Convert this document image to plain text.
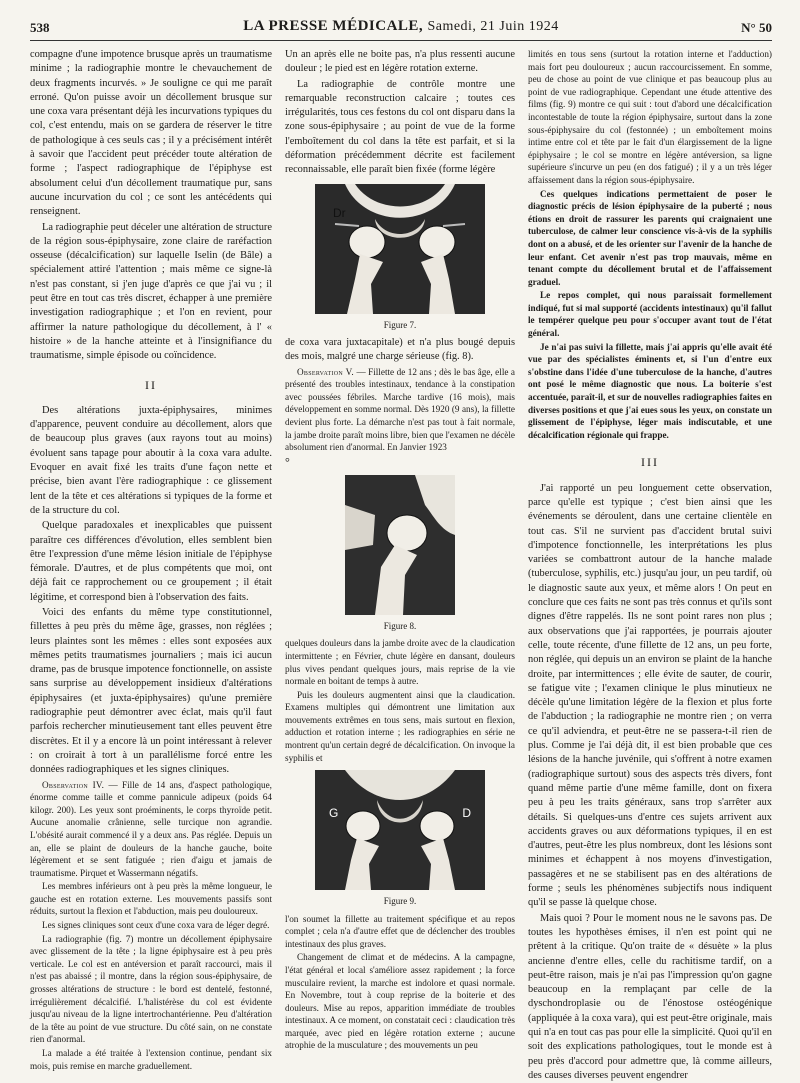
538	LA PRESSE MÉDICALE, Samedi, 21 Juin 1924	N° 50

compagne d'une impotence brusque après un traumatisme minime ; la radiographie montre le chevauchement de deux fragments incurvés. » Je souligne ce qui me paraît erroné. Qu'on puisse avoir un décollement brusque sur une coxa vara présentant déjà les incurvations typiques du col, c'est entendu, mais on se gardera de réserver le titre de pathologique à ces seuls cas ; il y a précisément intérêt à savoir que l'accident peut précéder toute altération de forme ; l'aspect radiographique de l'épiphyse est absolument celui d'un décollement traumatique pur, sans aucune incurvation du col ; ce sont les antécédents qui renseignent.

La radiographie peut déceler une altération de structure de la région sous-épiphysaire, zone claire de raréfaction osseuse (décalcification) sur laquelle Iselin (de Bâle) a spécialement attiré l'attention ; mais même ce signe-là n'est pas constant, si j'en juge d'après ce que j'ai vu ; il peut être en tout cas très discret, échapper à une première investigation radiographique ; et l'on en revient, pour affirmer la nature pathologique du décollement, à l' « histoire » de la hanche atteinte et à l'insignifiance du traumatisme, simple épisode ou coïncidence.

II

Des altérations juxta-épiphysaires, minimes d'apparence, peuvent conduire au décollement, alors que de beaucoup plus graves (aux rayons tout au moins) évoluent sans tapage pour aboutir à la coxa vara adulte. Evoquer en avait fixé les traits d'une façon nette et précise, bien avant l'ère radiographique : ce glissement lent de la tête et ces altérations si typiques de la forme et de la structure du col.

Quelque paradoxales et inexplicables que puissent paraître ces différences d'évolution, elles semblent bien être l'expression d'une même lésion initiale de l'épiphyse fémorale. D'autres, et de plus compétents que moi, ont déjà fait ce rapprochement ou ce groupement ; il était légitime, et correspond bien à l'observation des faits.

Voici des enfants du même type constitutionnel, fillettes à peu près du même âge, grasses, non réglées ; leurs plaintes sont les mêmes : elles sont exposées aux mêmes petits traumatismes journaliers ; mais ici aucun drame, pas de brusque impotence fonctionnelle, on assiste sans surprise au développement insidieux d'altérations épiphysaires (et juxta-épiphysaires) qu'une première radiographie peut démontrer avec éclat, mais qu'il faut parfois rechercher minutieusement tant elles peuvent être discrètes. Et il y a encore là un point intéressant à relever : on croirait à tort à un parallélisme forcé entre les données radiographiques et les signes cliniques.

Observation IV. — Fille de 14 ans, d'aspect pathologique, énorme comme taille et comme pannicule adipeux (poids 64 kilogr. 200). Les yeux sont proéminents, le corps thyroïde petit. Aucune anomalie crânienne, selle turcique non agrandie. L'obésité aurait commencé il y a deux ans. Pas réglée. Depuis un an, elle se plaint de douleurs de la hanche gauche, boite légèrement et se sent fatiguée ; rien d'aigu et jamais de traumatisme. Pirquet et Wassermann négatifs.

Les membres inférieurs ont à peu près la même longueur, le gauche est en rotation externe. Les mouvements passifs sont réduits, surtout la flexion et l'abduction, mais peu douloureux.

Les signes cliniques sont ceux d'une coxa vara de léger degré.

La radiographie (fig. 7) montre un décollement épiphysaire avec glissement de la tête ; la ligne épiphysaire est à peu près verticale. Le col est en antéversion et paraît raccourci, mais il n'est pas abaissé ; il montre, dans la région sous-épiphysaire, de grosses altérations de structure : le bord est dentelé, festonné, irrégulièrement décalcifié. L'halistérèse du col est évidente jusqu'au niveau de la ligne intertrochantérienne. Peu d'altération de la tête au point de vue structure. Du côté sain, on ne constate rien d'anormal.

La malade a été traitée à l'extension continue, pendant six mois, puis remise en marche graduellement.

Un an après elle ne boite pas, n'a plus ressenti aucune douleur ; le pied est en légère rotation externe.

La radiographie de contrôle montre une remarquable reconstruction calcaire ; toutes ces irrégularités, tous ces festons du col ont disparu dans la zone sous-épiphysaire ; au point de vue de la forme l'emboîtement du col dans la tête est parfait, et si la déformation précédemment décrite est facilement reconnaissable, elle paraît bien fixée (forme légère

Dr
Figure 7.

de coxa vara juxtacapitale) et n'a plus bougé depuis des mois, malgré une charge sérieuse (fig. 8).

Observation V. — Fillette de 12 ans ; dès le bas âge, elle a présenté des troubles intestinaux, tendance à la constipation avec poussées fébriles. Marche tardive (16 mois), mais développement en somme normal. Dès 1920 (9 ans), la fillette devient plus forte. La démarche n'est pas tout à fait normale, la jambe droite paraît moins libre, bien que l'examen ne décèle absolument rien d'anormal. En Janvier 1923

°
Figure 8.

quelques douleurs dans la jambe droite avec de la claudication intermittente ; en Février, chute légère en dansant, douleurs plus vives pendant quelques jours, mais reprise de la vie normale en boitant de temps à autre.

Puis les douleurs augmentent ainsi que la claudication. Examens multiples qui démontrent une limitation aux mouvements extrêmes en tous sens, mais surtout en flexion, adduction et rotation interne ; les radiographies en série ne montrent qu'un certain degré de décalcification. On invoque la syphilis et

G	D
Figure 9.

l'on soumet la fillette au traitement spécifique et au repos complet ; cela n'a d'autre effet que de déclencher des troubles intestinaux des plus graves.

Changement de climat et de médecins. A la campagne, l'état général et local s'améliore assez rapidement ; la force musculaire revient, la marche est indolore et quasi normale. En Novembre, tout à coup reprise de la boiterie et des douleurs. Mise au repos, apparition immédiate de troubles intestinaux. A ce moment, on constatait ceci : claudication très marquée, avec pied en légère rotation externe ; aucune atrophie de la musculature ; des mouvements un peu

limités en tous sens (surtout la rotation interne et l'adduction) mais fort peu douloureux ; aucun raccourcissement. En somme, peu de chose au point de vue clinique et pas beaucoup plus au point de vue radiographique. Cependant une étude attentive des films (fig. 9) montre ce qui suit : tout d'abord une décalcification incontestable de toute la région épiphysaire, surtout dans la zone sous-épiphysaire du col (festonnée) ; un emboîtement moins intime entre col et tête par le fait d'un élargissement de la ligne épiphysaire ; le col se montre en légère antéversion, sa ligne supérieure s'incurve un peu (en dos fatigué) ; il y a un très léger affaissement dans la région sous-épiphysaire.

Ces quelques indications permettaient de poser le diagnostic précis de lésion épiphysaire de la puberté ; nous étions en droit de rassurer les parents qui craignaient une tuberculose, de calmer leur conscience vis-à-vis de la syphilis dont on a abusé, et de les orienter sur l'avenir de la hanche de leur enfant. Cet avenir n'est pas trop mauvais, même en tenant compte du décollement brutal et de l'affaissement graduel.

Le repos complet, qui nous paraissait formellement indiqué, fut si mal supporté (accidents intestinaux) qu'il fallut le tempérer quelque peu pour s'occuper avant tout de l'état général.

Je n'ai pas suivi la fillette, mais j'ai appris qu'elle avait été vue par des spécialistes éminents et, si l'un d'entre eux s'obstine dans l'idée d'une tuberculose de la hanche, d'autres ont posé le même diagnostic que nous. La boiterie s'est accentuée, paraît-il, et sur de nouvelles radiographies faites en diverses positions et que j'ai eues sous les yeux, on constate un glissement de l'épiphyse, léger mais indiscutable, et une décalcification régionale qui frappe.

III

J'ai rapporté un peu longuement cette observation, parce qu'elle est typique ; c'est bien ainsi que les événements se déroulent, dans une certaine clientèle en tout cas. S'il ne survient pas d'accident brutal suivi d'impotence fonctionnelle, les interprétations les plus variées se combattront autour de la hanche malade (tuberculose, syphilis, etc.) jusqu'au jour, un peu tardif, où le diagnostic saute aux yeux, et même alors ! On peut en conclure que ces faits ne sont pas très connus et qu'ils sont dignes d'être rappelés. Ils ne sont point rares non plus ; aux observations que j'ai rapportées, je pourrais ajouter celle, toute récente, d'une fillette de 12 ans, un peu forte, non réglée, qui depuis un an environ se plaint de la hanche droite, par intermittences ; elle évite de sauter, de courir, se fatigue vite ; l'examen clinique le plus minutieux ne décèle qu'une limitation légère de la flexion et plus forte de l'abduction ; la radiographie ne montre rien ; on verra ce qu'il adviendra, et peut-être ne se passera-t-il rien de plus. Comme je l'ai déjà dit, il est bien probable que ces lésions de la hanche juvénile, qui s'offrent à notre examen (radiographique surtout) sous des aspects très divers, font quand même partie d'une même famille, dont on fixera peu à peu les traits généraux, sans trop s'arrêter aux détails. Si quelques-uns d'entre ces sujets arrivent aux accidents graves ou aux déformations typiques, il en est d'autres, peut-être les plus nombreux, dont les lésions sont minimes et échappent à nos moyens d'investigation, passagères et ne se stabilisent pas en des altérations de forme ; seuls les phénomènes subjectifs nous indiquent qu'il se passe là quelque chose.

Mais quoi ? Pour le moment nous ne le savons pas. De toutes les hypothèses émises, il n'en est point qui ne prêtent à la critique. Qu'on traite de « désuète » la plus ancienne d'entre elles, celle du rachitisme tardif, on a peut-être raison, mais je n'ai pas l'impression qu'on gagne beaucoup en la remplaçant par celle de la dyschondroplasie ou de l'énostose ostéogénique (appliquée à la coxa vara), qui est peut-être originale, mais qui n'a en tout cas pas pour elle la simplicité. Quoi qu'il en soit des explications pathologiques, tout le monde est à peu près d'accord pour admettre que, là comme ailleurs, des causes diverses peuvent engendrer
